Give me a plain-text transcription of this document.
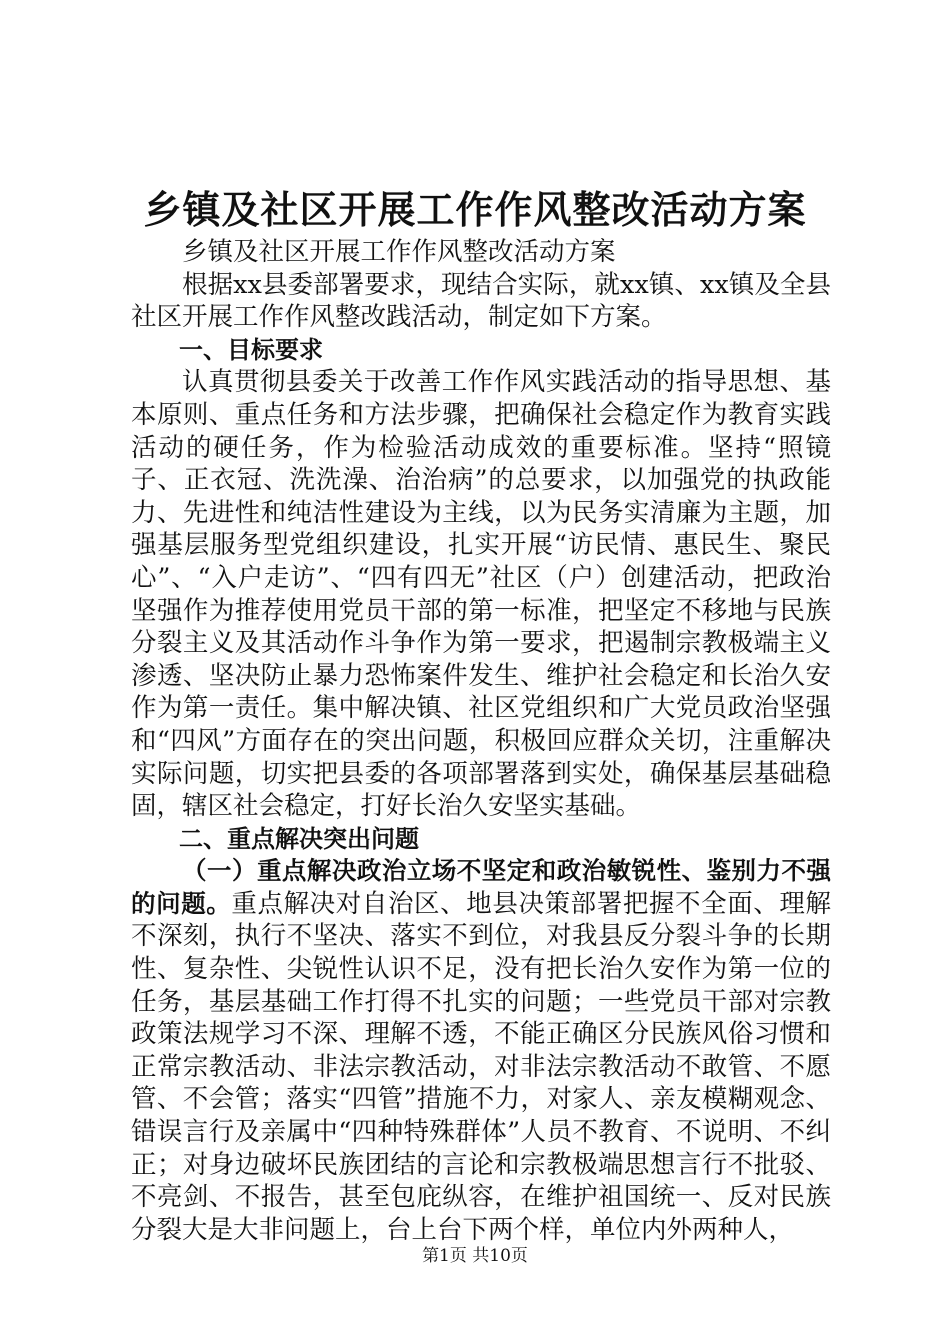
乡镇及社区开展工作作风整改活动方案

乡镇及社区开展工作作风整改活动方案

根据xx县委部署要求，现结合实际，就xx镇、xx镇及全县社区开展工作作风整改践活动，制定如下方案。

一、目标要求

认真贯彻县委关于改善工作作风实践活动的指导思想、基本原则、重点任务和方法步骤，把确保社会稳定作为教育实践活动的硬任务，作为检验活动成效的重要标准。坚持“照镜子、正衣冠、洗洗澡、治治病”的总要求，以加强党的执政能力、先进性和纯洁性建设为主线，以为民务实清廉为主题，加强基层服务型党组织建设，扎实开展“访民情、惠民生、聚民心”、“入户走访”、“四有四无”社区（户）创建活动，把政治坚强作为推荐使用党员干部的第一标准，把坚定不移地与民族分裂主义及其活动作斗争作为第一要求，把遏制宗教极端主义渗透、坚决防止暴力恐怖案件发生、维护社会稳定和长治久安作为第一责任。集中解决镇、社区党组织和广大党员政治坚强和“四风”方面存在的突出问题，积极回应群众关切，注重解决实际问题，切实把县委的各项部署落到实处，确保基层基础稳固，辖区社会稳定，打好长治久安坚实基础。

二、重点解决突出问题

（一）重点解决政治立场不坚定和政治敏锐性、鉴别力不强的问题。重点解决对自治区、地县决策部署把握不全面、理解不深刻，执行不坚决、落实不到位，对我县反分裂斗争的长期性、复杂性、尖锐性认识不足，没有把长治久安作为第一位的任务，基层基础工作打得不扎实的问题；一些党员干部对宗教政策法规学习不深、理解不透，不能正确区分民族风俗习惯和正常宗教活动、非法宗教活动，对非法宗教活动不敢管、不愿管、不会管；落实“四管”措施不力，对家人、亲友模糊观念、错误言行及亲属中“四种特殊群体”人员不教育、不说明、不纠正；对身边破坏民族团结的言论和宗教极端思想言行不批驳、不亮剑、不报告，甚至包庇纵容，在维护祖国统一、反对民族分裂大是大非问题上，台上台下两个样，单位内外两种人，

第1页 共10页
